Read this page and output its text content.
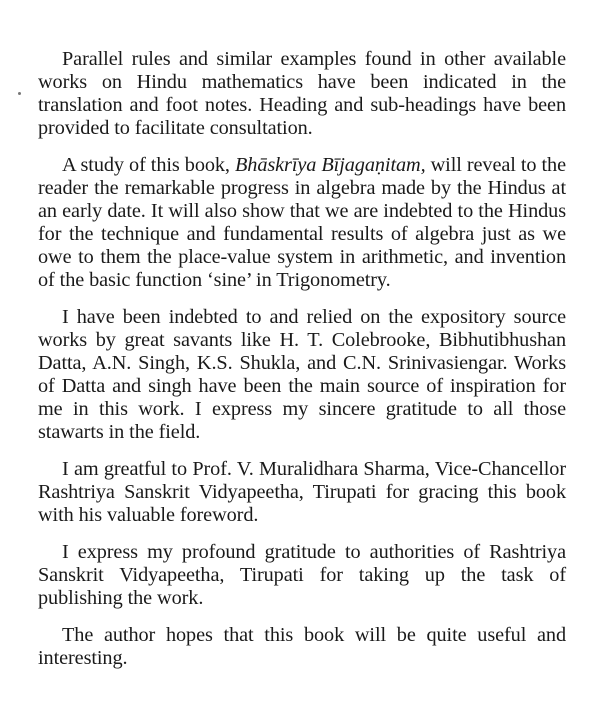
Parallel rules and similar examples found in other available works on Hindu mathematics have been indicated in the translation and foot notes. Heading and sub-headings have been provided to facilitate consultation.

A study of this book, Bhāskrīya Bījagaṇitam, will reveal to the reader the remarkable progress in algebra made by the Hindus at an early date. It will also show that we are indebted to the Hindus for the technique and fundamental results of algebra just as we owe to them the place-value system in arithmetic, and invention of the basic function ‘sine’ in Trigonometry.

I have been indebted to and relied on the expository source works by great savants like H. T. Colebrooke, Bibhutibhushan Datta, A.N. Singh, K.S. Shukla, and C.N. Srinivasiengar. Works of Datta and singh have been the main source of inspiration for me in this work. I express my sincere gratitude to all those stawarts in the field.

I am greatful to Prof. V. Muralidhara Sharma, Vice-Chancellor Rashtriya Sanskrit Vidyapeetha, Tirupati for gracing this book with his valuable foreword.

I express my profound gratitude to authorities of Rashtriya Sanskrit Vidyapeetha, Tirupati for taking up the task of publishing the work.

The author hopes that this book will be quite useful and interesting.
